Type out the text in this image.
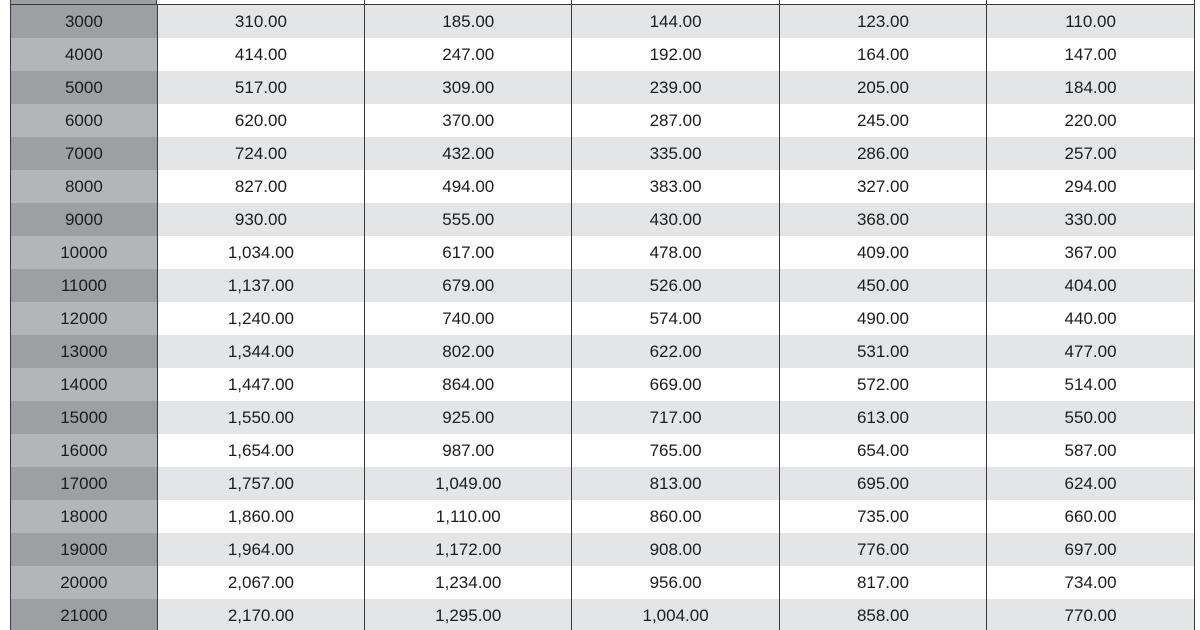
3000	310.00	185.00	144.00	123.00	110.00
4000	414.00	247.00	192.00	164.00	147.00
5000	517.00	309.00	239.00	205.00	184.00
6000	620.00	370.00	287.00	245.00	220.00
7000	724.00	432.00	335.00	286.00	257.00
8000	827.00	494.00	383.00	327.00	294.00
9000	930.00	555.00	430.00	368.00	330.00
10000	1,034.00	617.00	478.00	409.00	367.00
11000	1,137.00	679.00	526.00	450.00	404.00
12000	1,240.00	740.00	574.00	490.00	440.00
13000	1,344.00	802.00	622.00	531.00	477.00
14000	1,447.00	864.00	669.00	572.00	514.00
15000	1,550.00	925.00	717.00	613.00	550.00
16000	1,654.00	987.00	765.00	654.00	587.00
17000	1,757.00	1,049.00	813.00	695.00	624.00
18000	1,860.00	1,110.00	860.00	735.00	660.00
19000	1,964.00	1,172.00	908.00	776.00	697.00
20000	2,067.00	1,234.00	956.00	817.00	734.00
21000	2,170.00	1,295.00	1,004.00	858.00	770.00
